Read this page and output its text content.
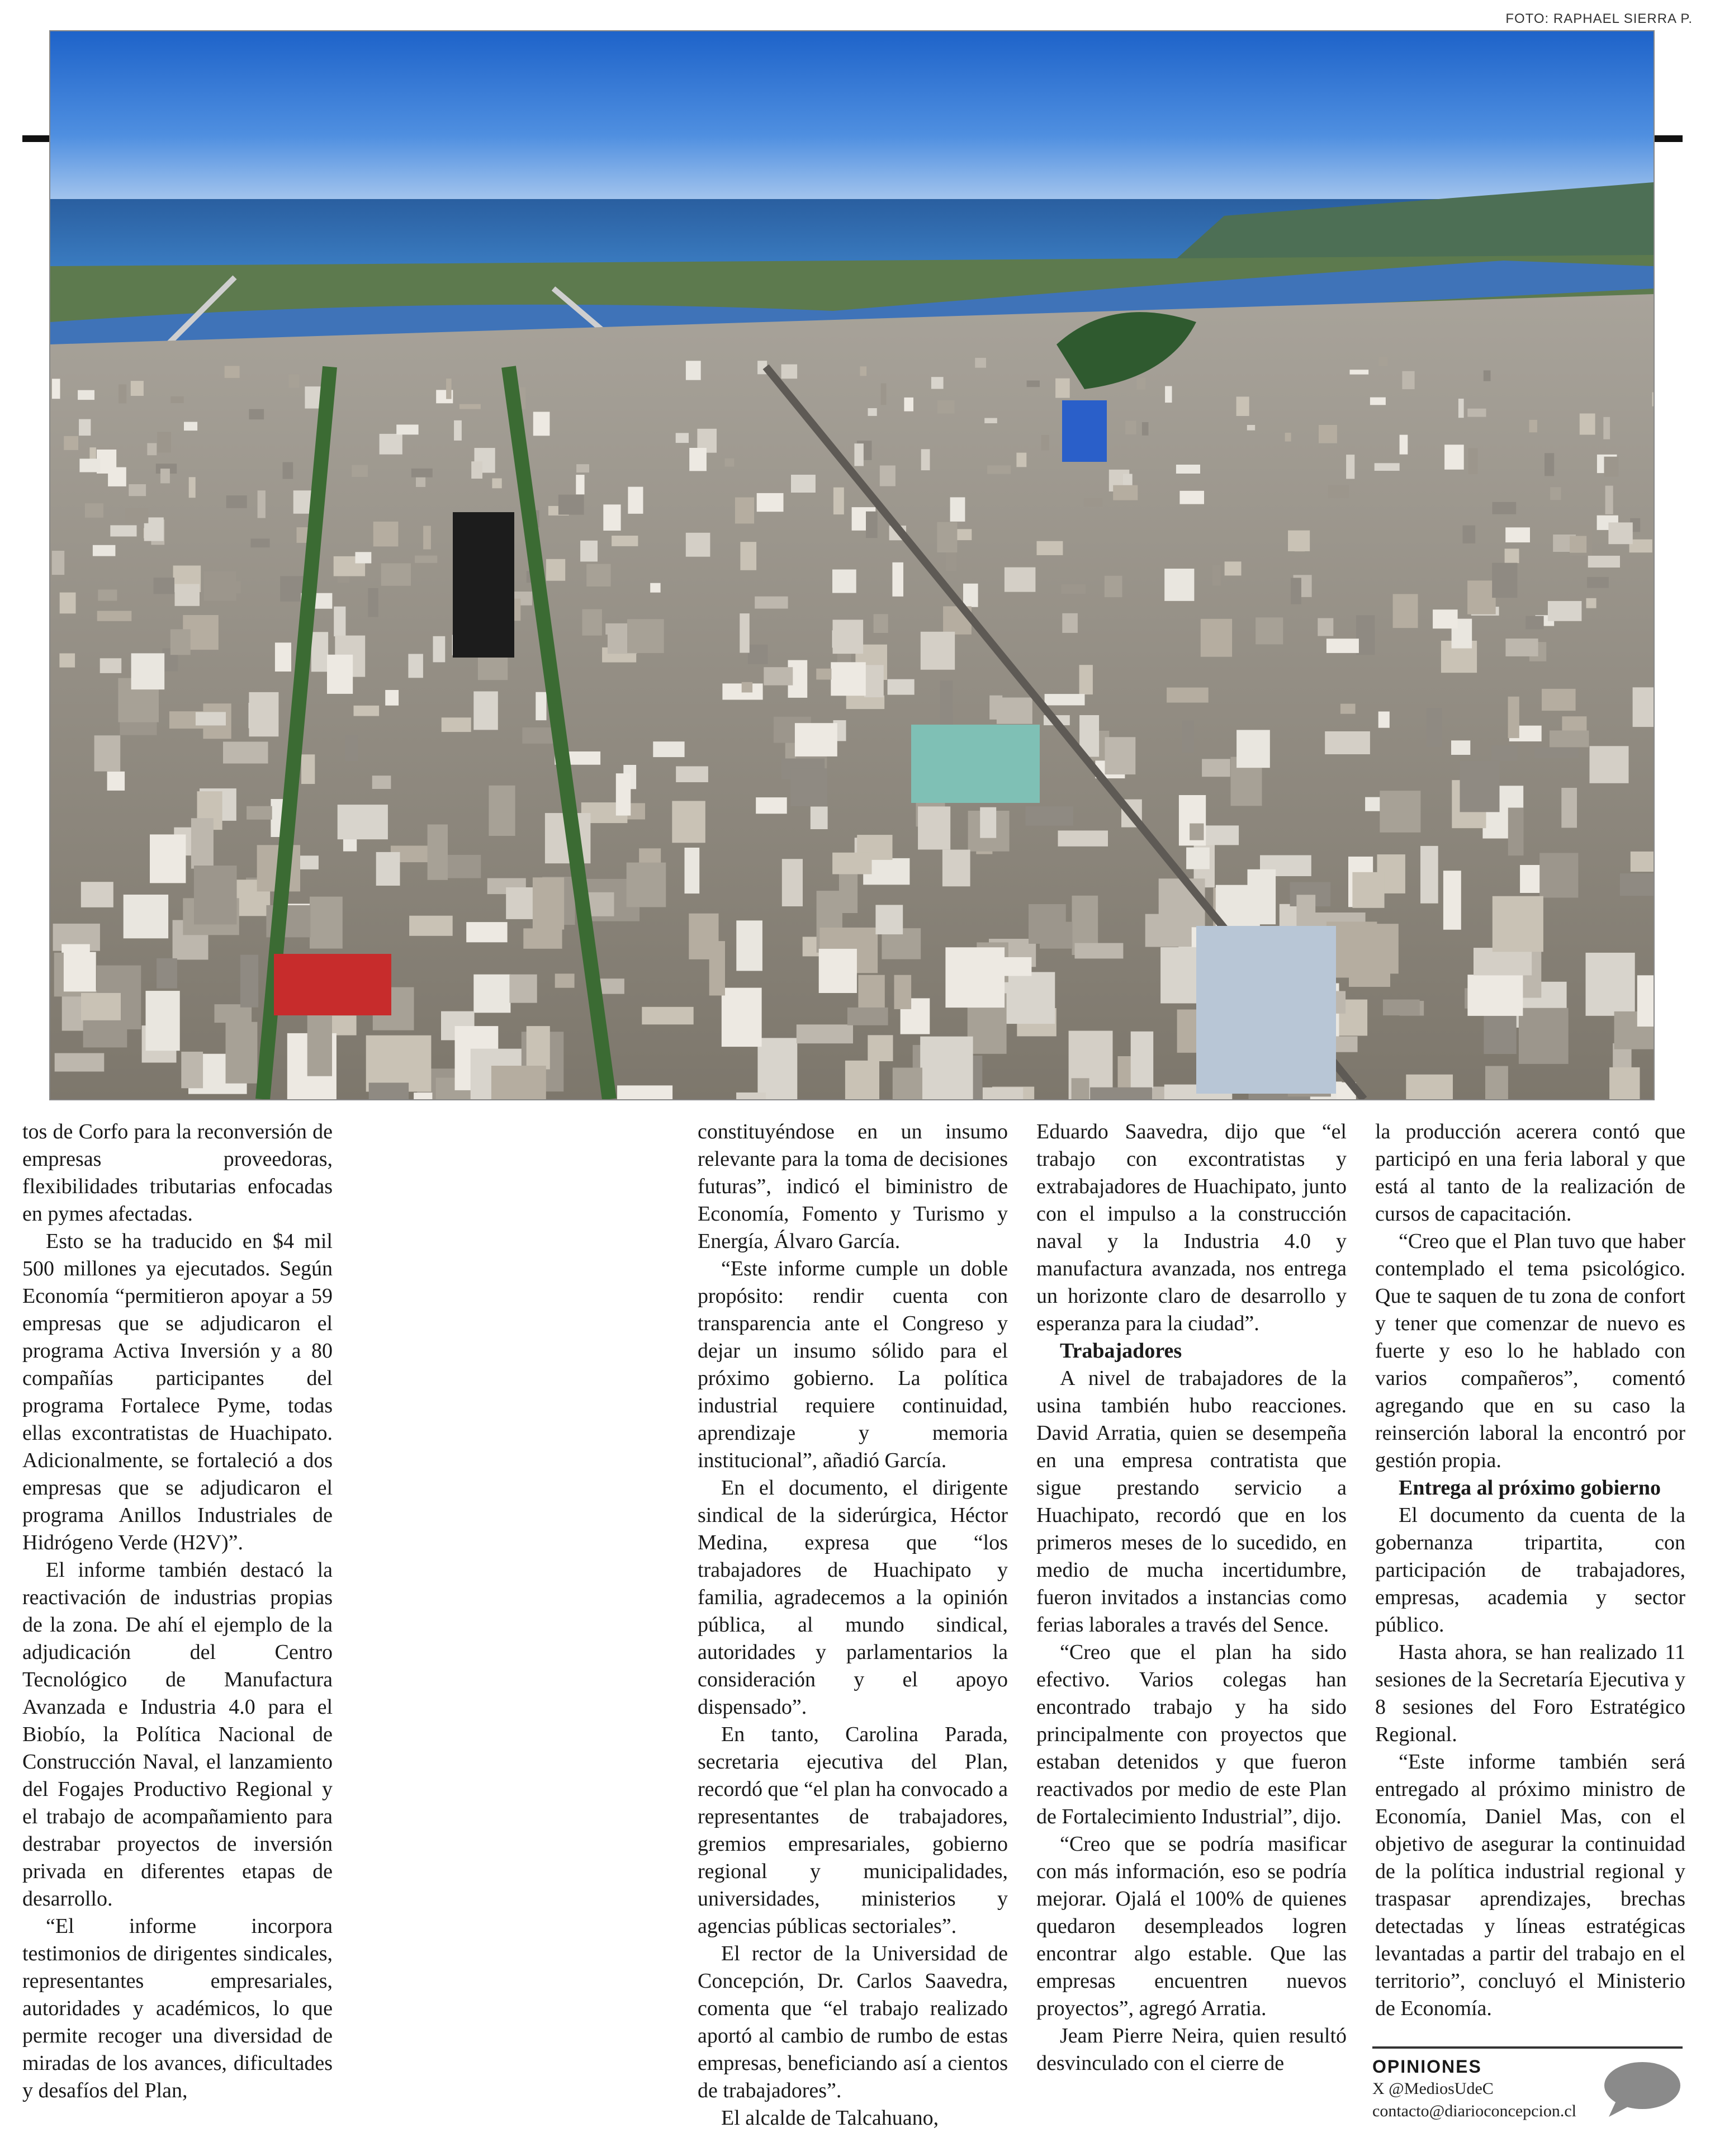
FOTO: RAPHAEL SIERRA P.

tos de Corfo para la reconversión de empresas proveedoras, flexibilidades tributarias enfocadas en pymes afectadas.

Esto se ha traducido en $4 mil 500 millones ya ejecutados. Según Economía “permitieron apoyar a 59 empresas que se adjudicaron el programa Activa Inversión y a 80 compañías participantes del programa Fortalece Pyme, todas ellas excontratistas de Huachipato. Adicionalmente, se fortaleció a dos empresas que se adjudicaron el programa Anillos Industriales de Hidrógeno Verde (H2V)”.

El informe también destacó la reactivación de industrias propias de la zona. De ahí el ejemplo de la adjudicación del Centro Tecnológico de Manufactura Avanzada e Industria 4.0 para el Biobío, la Política Nacional de Construcción Naval, el lanzamiento del Fogajes Productivo Regional y el trabajo de acompañamiento para destrabar proyectos de inversión privada en diferentes etapas de desarrollo.

“El informe incorpora testimonios de dirigentes sindicales, representantes empresariales, autoridades y académicos, lo que permite recoger una diversidad de miradas de los avances, dificultades y desafíos del Plan,

constituyéndose en un insumo relevante para la toma de decisiones futuras”, indicó el biministro de Economía, Fomento y Turismo y Energía, Álvaro García.

“Este informe cumple un doble propósito: rendir cuenta con transparencia ante el Congreso y dejar un insumo sólido para el próximo gobierno. La política industrial requiere continuidad, aprendizaje y memoria institucional”, añadió García.

En el documento, el dirigente sindical de la siderúrgica, Héctor Medina, expresa que “los trabajadores de Huachipato y familia, agradecemos a la opinión pública, al mundo sindical, autoridades y parlamentarios la consideración y el apoyo dispensado”.

En tanto, Carolina Parada, secretaria ejecutiva del Plan, recordó que “el plan ha convocado a representantes de trabajadores, gremios empresariales, gobierno regional y municipalidades, universidades, ministerios y agencias públicas sectoriales”.

El rector de la Universidad de Concepción, Dr. Carlos Saavedra, comenta que “el trabajo realizado aportó al cambio de rumbo de estas empresas, beneficiando así a cientos de trabajadores”.

El alcalde de Talcahuano,

Eduardo Saavedra, dijo que “el trabajo con excontratistas y extrabajadores de Huachipato, junto con el impulso a la construcción naval y la Industria 4.0 y manufactura avanzada, nos entrega un horizonte claro de desarrollo y esperanza para la ciudad”.

Trabajadores

A nivel de trabajadores de la usina también hubo reacciones. David Arratia, quien se desempeña en una empresa contratista que sigue prestando servicio a Huachipato, recordó que en los primeros meses de lo sucedido, en medio de mucha incertidumbre, fueron invitados a instancias como ferias laborales a través del Sence.

“Creo que el plan ha sido efectivo. Varios colegas han encontrado trabajo y ha sido principalmente con proyectos que estaban detenidos y que fueron reactivados por medio de este Plan de Fortalecimiento Industrial”, dijo.

“Creo que se podría masificar con más información, eso se podría mejorar. Ojalá el 100% de quienes quedaron desempleados logren encontrar algo estable. Que las empresas encuentren nuevos proyectos”, agregó Arratia.

Jeam Pierre Neira, quien resultó desvinculado con el cierre de

la producción acerera contó que participó en una feria laboral y que está al tanto de la realización de cursos de capacitación.

“Creo que el Plan tuvo que haber contemplado el tema psicológico. Que te saquen de tu zona de confort y tener que comenzar de nuevo es fuerte y eso lo he hablado con varios compañeros”, comentó agregando que en su caso la reinserción laboral la encontró por gestión propia.

Entrega al próximo gobierno

El documento da cuenta de la gobernanza tripartita, con participación de trabajadores, empresas, academia y sector público.

Hasta ahora, se han realizado 11 sesiones de la Secretaría Ejecutiva y 8 sesiones del Foro Estratégico Regional.

“Este informe también será entregado al próximo ministro de Economía, Daniel Mas, con el objetivo de asegurar la continuidad de la política industrial regional y traspasar aprendizajes, brechas detectadas y líneas estratégicas levantadas a partir del trabajo en el territorio”, concluyó el Ministerio de Economía.

OPINIONES
X @MediosUdeC
contacto@diarioconcepcion.cl
